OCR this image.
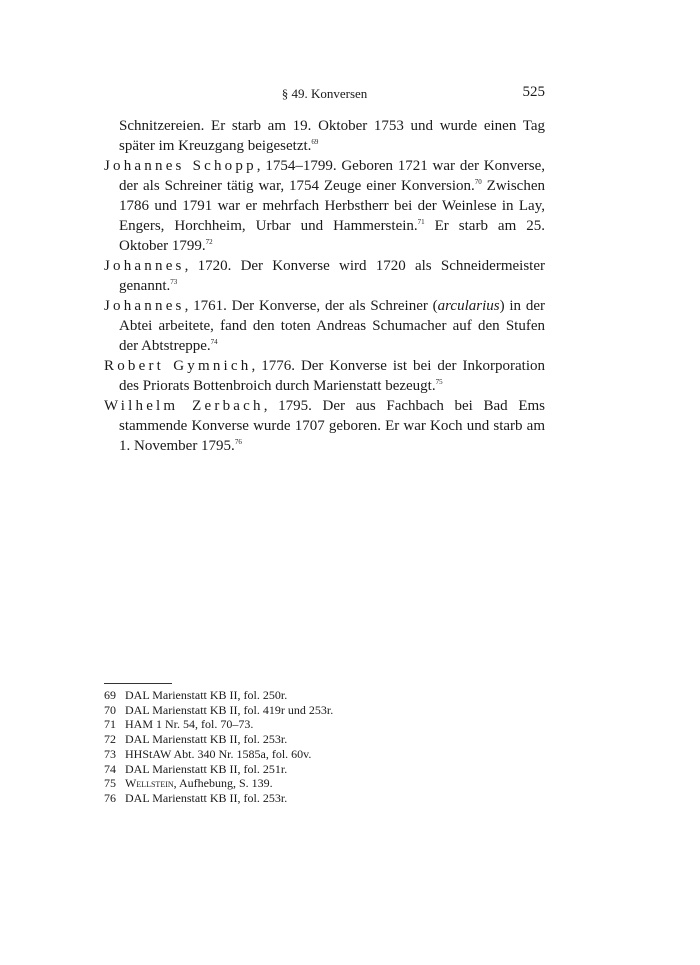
§ 49. Konversen	525

Schnitzereien. Er starb am 19. Oktober 1753 und wurde einen Tag später im Kreuzgang beigesetzt.$^{69}$

Johannes Schopp, 1754–1799. Geboren 1721 war der Konverse, der als Schreiner tätig war, 1754 Zeuge einer Konversion.$^{70}$ Zwischen 1786 und 1791 war er mehrfach Herbstherr bei der Weinlese in Lay, Engers, Horchheim, Urbar und Hammerstein.$^{71}$ Er starb am 25. Oktober 1799.72

Johannes, 1720. Der Konverse wird 1720 als Schneidermeister genannt.$^{73}$

Johannes, 1761. Der Konverse, der als Schreiner (arcularius) in der Abtei arbeitete, fand den toten Andreas Schumacher auf den Stufen der Abtstreppe.$^{74}$

Robert Gymnich, 1776. Der Konverse ist bei der Inkorporation des Priorats Bottenbroich durch Marienstatt bezeugt.$^{75}$

Wilhelm Zerbach, 1795. Der aus Fachbach bei Bad Ems stammende Konverse wurde 1707 geboren. Er war Koch und starb am 1. November 1795.76

69 DAL Marienstatt KB II, fol. 250r.
70 DAL Marienstatt KB II, fol. 419r und 253r.
71 HAM 1 Nr. 54, fol. 70–73.
72 DAL Marienstatt KB II, fol. 253r.
73 HHStAW Abt. 340 Nr. 1585a, fol. 60v.
74 DAL Marienstatt KB II, fol. 251r.
75 Wellstein, Aufhebung, S. 139.
76 DAL Marienstatt KB II, fol. 253r.
